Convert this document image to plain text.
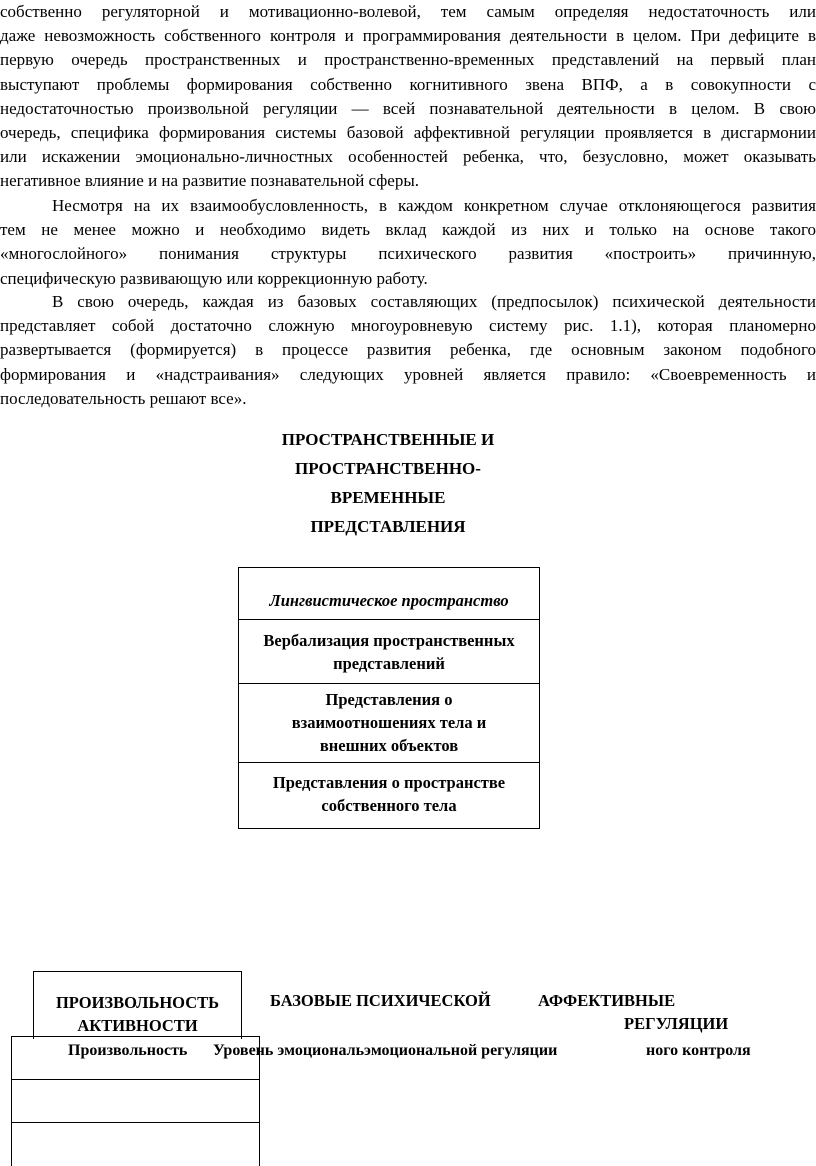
собственно регуляторной и мотивационно-волевой, тем самым определяя недостаточность или
даже невозможность собственного контроля и программирования деятельности в целом. При дефиците в
первую очередь пространственных и пространственно-временных представлений на первый план
выступают проблемы формирования собственно когнитивного звена ВПФ, а в совокупности с
недостаточностью произвольной регуляции — всей познавательной деятельности в целом. В свою
очередь, специфика формирования системы базовой аффективной регуляции проявляется в дисгармонии
или искажении эмоционально-личностных особенностей ребенка, что, безусловно, может оказывать
негативное влияние и на развитие познавательной сферы.
Несмотря на их взаимообусловленность, в каждом конкретном случае отклоняющегося развития
тем не менее можно и необходимо видеть вклад каждой из них и только на основе такого
«многослойного» понимания структуры психического развития «построить» причинную,
специфическую развивающую или коррекционную работу.
В свою очередь, каждая из базовых составляющих (предпосылок) психической деятельности
представляет собой достаточно сложную многоуровневую систему рис. 1.1), которая планомерно
развертывается (формируется) в процессе развития ребенка, где основным законом подобного
формирования и «надстраивания» следующих уровней является правило: «Своевременность и
последовательность решают все».
ПРОСТРАНСТВЕННЫЕ И
ПРОСТРАНСТВЕННО-
ВРЕМЕННЫЕ
ПРЕДСТАВЛЕНИЯ
Лингвистическое пространство
Вербализация пространственных представлений
Представления о взаимоотношениях тела и внешних объектов
Представления о пространстве собственного тела
ПРОИЗВОЛЬНОСТЬ АКТИВНОСТИ
БАЗОВЫЕ ПСИХИЧЕСКОЙ	АФФЕКТИВНЫЕ
РЕГУЛЯЦИИ
Произвольность Уровень эмоциональэмоциональной регуляции	ного контроля
